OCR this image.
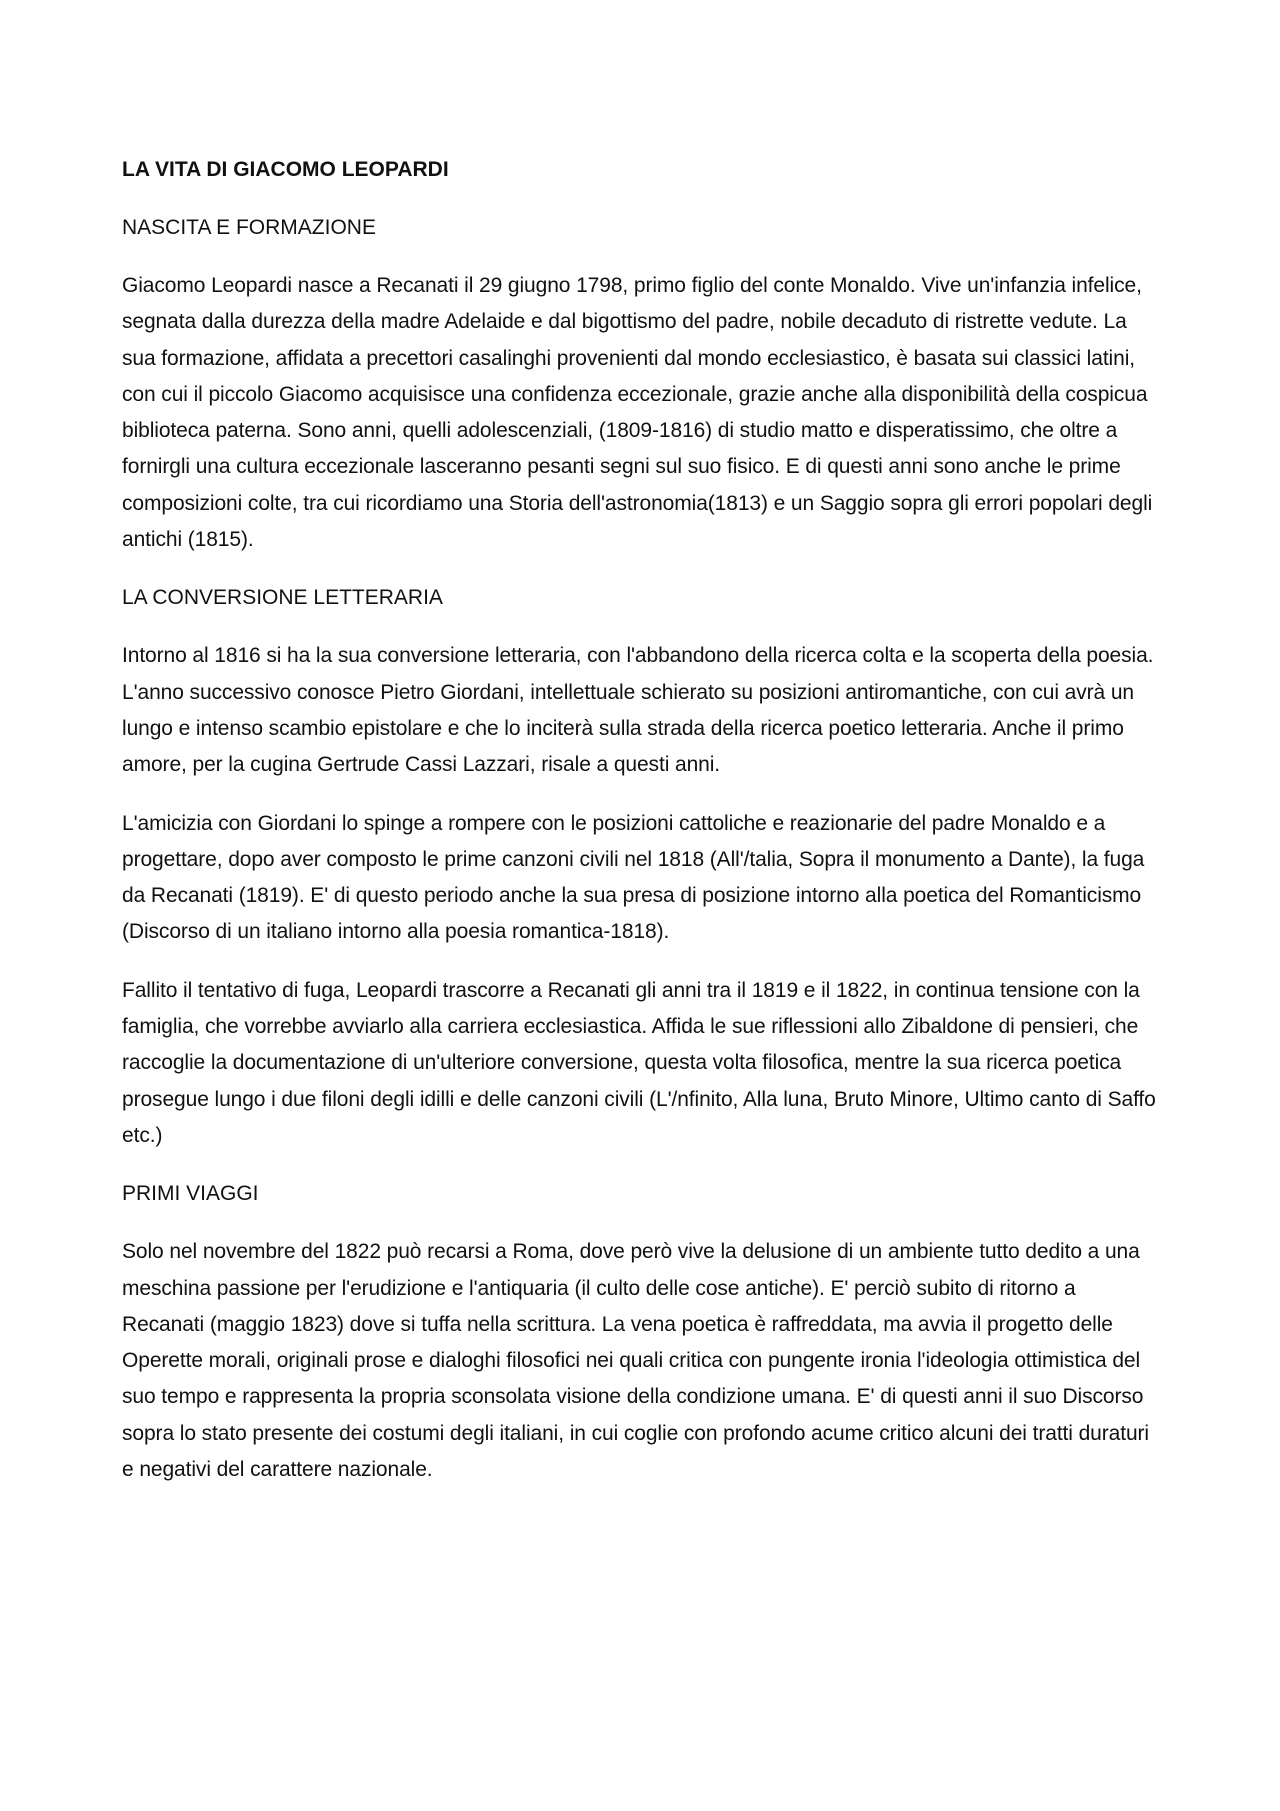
LA VITA DI GIACOMO LEOPARDI
NASCITA E FORMAZIONE

Giacomo Leopardi nasce a Recanati il 29 giugno 1798, primo figlio del conte Monaldo. Vive un'infanzia infelice, segnata dalla durezza della madre Adelaide e dal bigottismo del padre, nobile decaduto di ristrette vedute. La sua formazione, affidata a precettori casalinghi provenienti dal mondo ecclesiastico, è basata sui classici latini, con cui il piccolo Giacomo acquisisce una confidenza eccezionale, grazie anche alla disponibilità della cospicua biblioteca paterna. Sono anni, quelli adolescenziali, (1809-1816) di studio matto e disperatissimo, che oltre a fornirgli una cultura eccezionale lasceranno pesanti segni sul suo fisico. E di questi anni sono anche le prime composizioni colte, tra cui ricordiamo una Storia dell'astronomia(1813) e un Saggio sopra gli errori popolari degli antichi (1815).

LA CONVERSIONE LETTERARIA

Intorno al 1816 si ha la sua conversione letteraria, con l'abbandono della ricerca colta e la scoperta della poesia. L'anno successivo conosce Pietro Giordani, intellettuale schierato su posizioni antiromantiche, con cui avrà un lungo e intenso scambio epistolare e che lo inciterà sulla strada della ricerca poetico letteraria. Anche il primo amore, per la cugina Gertrude Cassi Lazzari, risale a questi anni.

L'amicizia con Giordani lo spinge a rompere con le posizioni cattoliche e reazionarie del padre Monaldo e a progettare, dopo aver composto le prime canzoni civili nel 1818 (All'/talia, Sopra il monumento a Dante), la fuga da Recanati (1819). E' di questo periodo anche la sua presa di posizione intorno alla poetica del Romanticismo (Discorso di un italiano intorno alla poesia romantica-1818).

Fallito il tentativo di fuga, Leopardi trascorre a Recanati gli anni tra il 1819 e il 1822, in continua tensione con la famiglia, che vorrebbe avviarlo alla carriera ecclesiastica. Affida le sue riflessioni allo Zibaldone di pensieri, che raccoglie la documentazione di un'ulteriore conversione, questa volta filosofica, mentre la sua ricerca poetica prosegue lungo i due filoni degli idilli e delle canzoni civili (L'/nfinito, Alla luna, Bruto Minore, Ultimo canto di Saffo etc.)

PRIMI VIAGGI

Solo nel novembre del 1822 può recarsi a Roma, dove però vive la delusione di un ambiente tutto dedito a una meschina passione per l'erudizione e l'antiquaria (il culto delle cose antiche). E' perciò subito di ritorno a Recanati (maggio 1823) dove si tuffa nella scrittura. La vena poetica è raffreddata, ma avvia il progetto delle Operette morali, originali prose e dialoghi filosofici nei quali critica con pungente ironia l'ideologia ottimistica del suo tempo e rappresenta la propria sconsolata visione della condizione umana. E' di questi anni il suo Discorso sopra lo stato presente dei costumi degli italiani, in cui coglie con profondo acume critico alcuni dei tratti duraturi e negativi del carattere nazionale.
